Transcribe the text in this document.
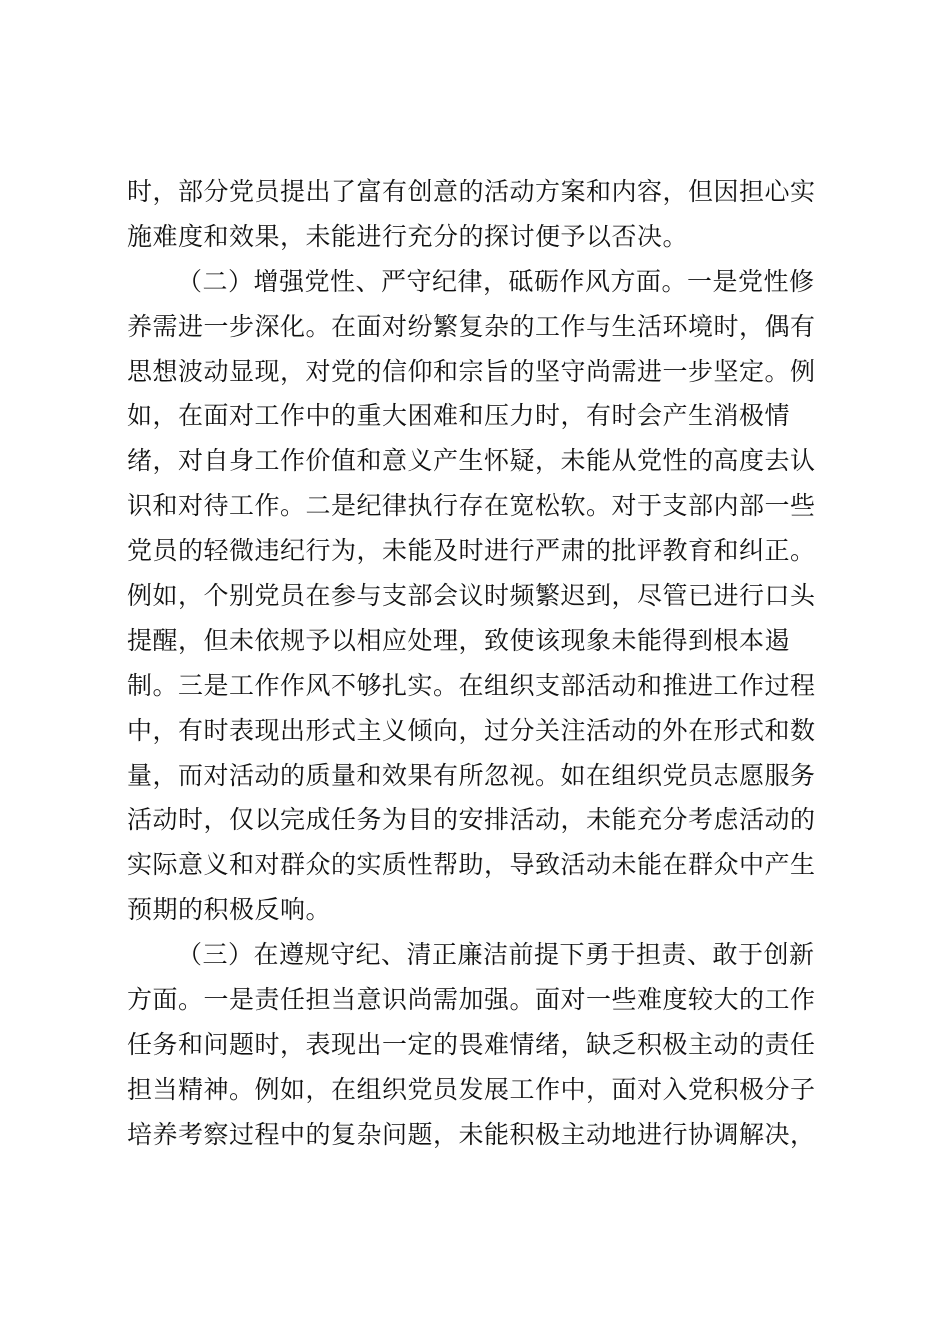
时，部分党员提出了富有创意的活动方案和内容，但因担心实
施难度和效果，未能进行充分的探讨便予以否决。
（二）增强党性、严守纪律，砥砺作风方面。一是党性修
养需进一步深化。在面对纷繁复杂的工作与生活环境时，偶有
思想波动显现，对党的信仰和宗旨的坚守尚需进一步坚定。例
如，在面对工作中的重大困难和压力时，有时会产生消极情
绪，对自身工作价值和意义产生怀疑，未能从党性的高度去认
识和对待工作。二是纪律执行存在宽松软。对于支部内部一些
党员的轻微违纪行为，未能及时进行严肃的批评教育和纠正。
例如，个别党员在参与支部会议时频繁迟到，尽管已进行口头
提醒，但未依规予以相应处理，致使该现象未能得到根本遏
制。三是工作作风不够扎实。在组织支部活动和推进工作过程
中，有时表现出形式主义倾向，过分关注活动的外在形式和数
量，而对活动的质量和效果有所忽视。如在组织党员志愿服务
活动时，仅以完成任务为目的安排活动，未能充分考虑活动的
实际意义和对群众的实质性帮助，导致活动未能在群众中产生
预期的积极反响。
（三）在遵规守纪、清正廉洁前提下勇于担责、敢于创新
方面。一是责任担当意识尚需加强。面对一些难度较大的工作
任务和问题时，表现出一定的畏难情绪，缺乏积极主动的责任
担当精神。例如，在组织党员发展工作中，面对入党积极分子
培养考察过程中的复杂问题，未能积极主动地进行协调解决，
